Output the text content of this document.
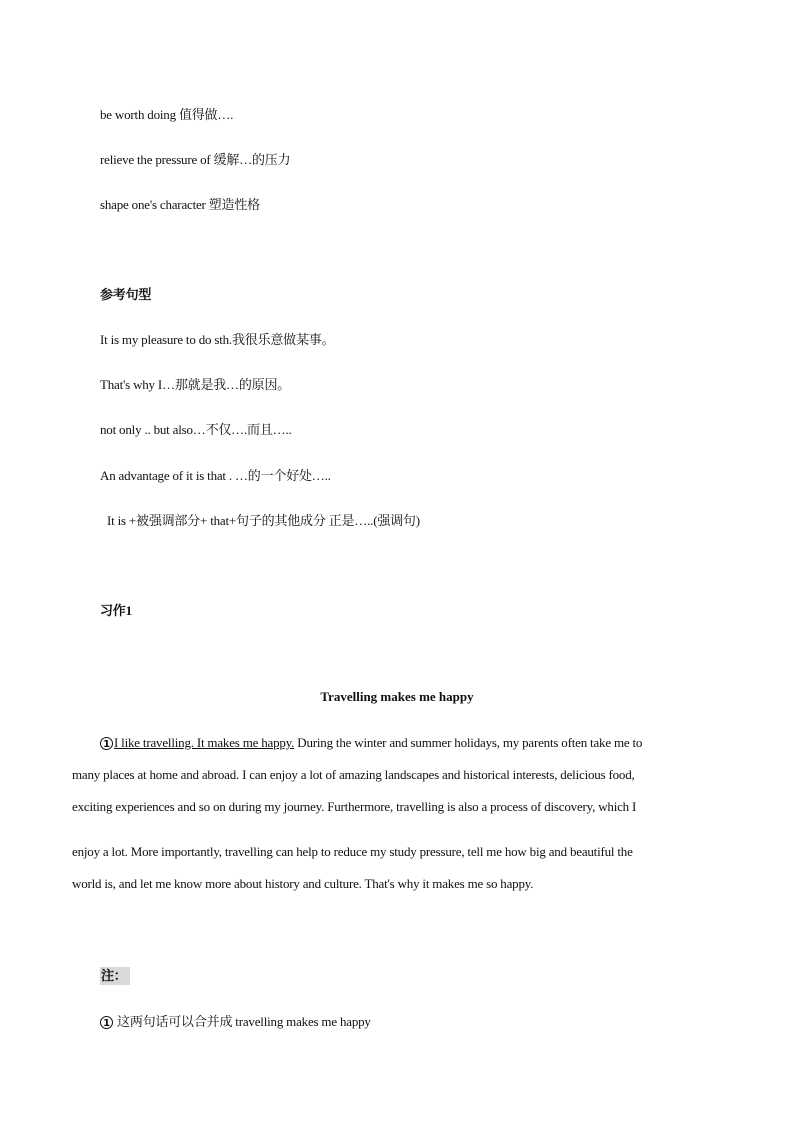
be worth doing 值得做….
relieve the pressure of 缓解…的压力
shape one's character 塑造性格
参考句型
It is my pleasure to do sth.我很乐意做某事。
That's why I…那就是我…的原因。
not only .. but also…不仅….而且…..
An advantage of it is that . …的一个好处…..
It is +被强调部分+ that+句子的其他成分 正是…..(强调句)
习作1
Travelling makes me happy
1 I like travelling. It makes me happy. During the winter and summer holidays, my parents often take me to
many places at home and abroad. I can enjoy a lot of amazing landscapes and historical interests, delicious food,
exciting experiences and so on during my journey. Furthermore, travelling is also a process of discovery, which I
enjoy a lot. More importantly, travelling can help to reduce my study pressure, tell me how big and beautiful the
world is, and let me know more about history and culture. That's why it makes me so happy.
注：
1 这两句话可以合并成 travelling makes me happy
